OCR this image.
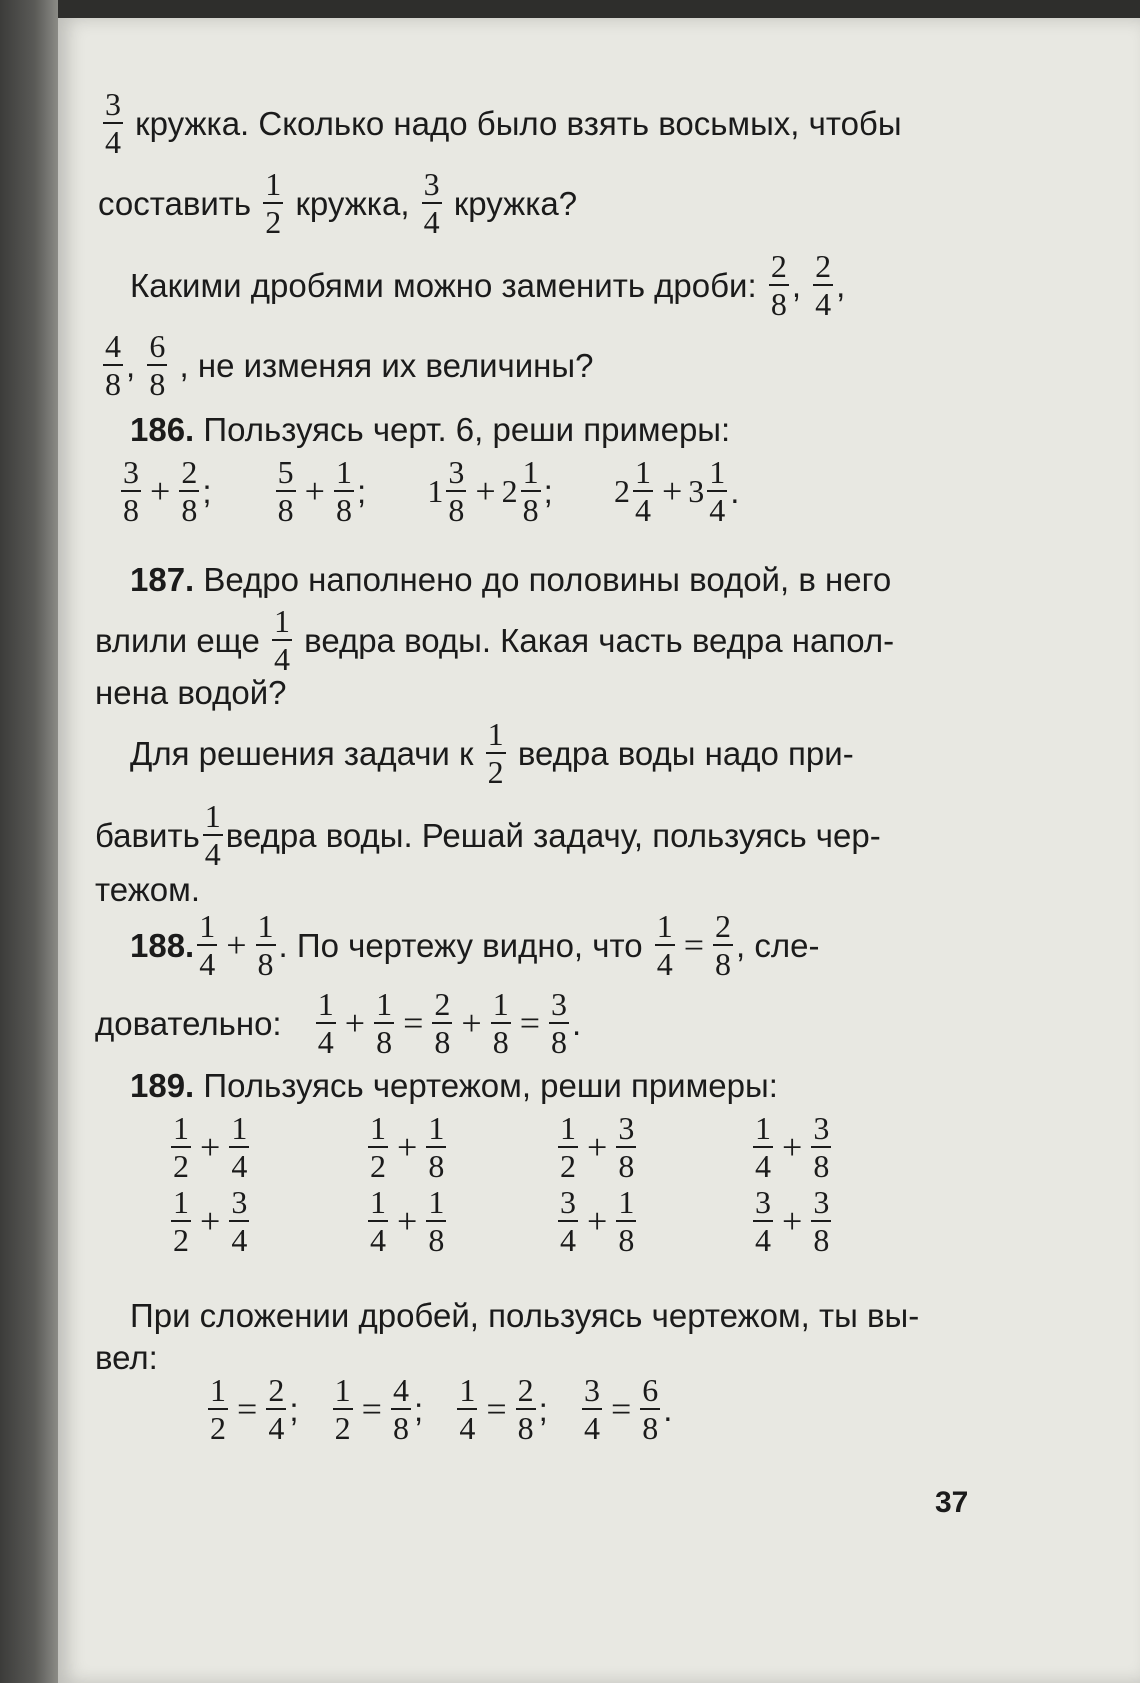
$\frac{3}{4}$ кружка. Сколько надо было взять восьмых, чтобы
составить $\frac{1}{2}$ кружка, $\frac{3}{4}$ кружка?
Какими дробями можно заменить дроби: $\frac{2}{8}$ , $\frac{2}{4}$ ,
$\frac{4}{8}$ , $\frac{6}{8}$ , не изменяя их величины?
186. Пользуясь черт. 6, реши примеры:
$\frac{3}{8} + \frac{2}{8}$ ; $\frac{5}{8} + \frac{1}{8}$ ; $1 \frac{3}{8} + 2 \frac{1}{8}$ ; $2 \frac{1}{4} + 3 \frac{1}{4}$ .
187. Ведро наполнено до половины водой, в него
влили еще $\frac{1}{4}$ ведра воды. Какая часть ведра напол-
нена водой?
Для решения задачи к $\frac{1}{2}$ ведра воды надо при-
бавить $\frac{1}{4}$ ведра воды. Решай задачу, пользуясь чер-
тежом.
188. $\frac{1}{4} + \frac{1}{8}$ . По чертежу видно, что $\frac{1}{4} = \frac{2}{8}$ , сле-
довательно: $\frac{1}{4} + \frac{1}{8} = \frac{2}{8} + \frac{1}{8} = \frac{3}{8}$ .
189. Пользуясь чертежом, реши примеры:
$\frac{1}{2} + \frac{1}{4}$	$\frac{1}{2} + \frac{1}{8}$	$\frac{1}{2} + \frac{3}{8}$	$\frac{1}{4} + \frac{3}{8}$
$\frac{1}{2} + \frac{3}{4}$	$\frac{1}{4} + \frac{1}{8}$	$\frac{3}{4} + \frac{1}{8}$	$\frac{3}{4} + \frac{3}{8}$
При сложении дробей, пользуясь чертежом, ты вы-
вел:
$\frac{1}{2} = \frac{2}{4}$ ; $\frac{1}{2} = \frac{4}{8}$ ; $\frac{1}{4} = \frac{2}{8}$ ; $\frac{3}{4} = \frac{6}{8}$ .
37
